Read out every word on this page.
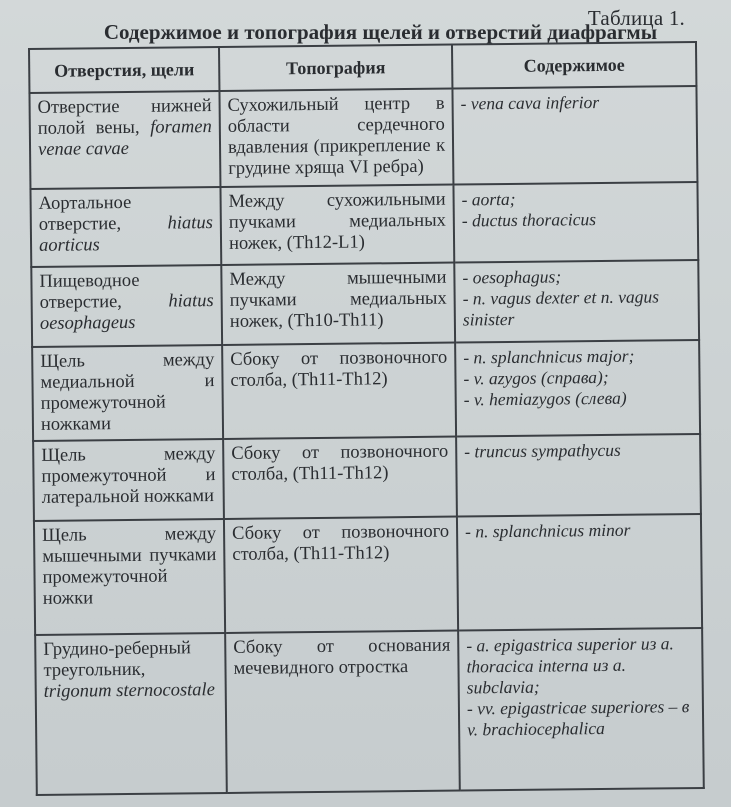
Таблица 1.
Содержимое и топография щелей и отверстий диафрагмы
Отверстия, щели	Топография	Содержимое
Отверстие нижней полой вены, foramen venae cavae	Сухожильный центр в области сердечного вдавления (прикрепление к грудине хряща VI ребра)	- vena cava inferior

Аортальное отверстие, hiatus aorticus	Между сухожильными пучками медиальных ножек, (Th12-L1)	- aorta;
- ductus thoracicus

Пищеводное отверстие, hiatus oesophageus	Между мышечными пучками медиальных ножек, (Th10-Th11)	- oesophagus;
- n. vagus dexter et n. vagus sinister

Щель между медиальной и промежуточной ножками	Сбоку от позвоночного столба, (Th11-Th12)	- n. splanchnicus major;
- v. azygos (справа);
- v. hemiazygos (слева)

Щель между промежуточной и латеральной ножками	Сбоку от позвоночного столба, (Th11-Th12)	- truncus sympathycus

Щель между мышечными пучками промежуточной ножки	Сбоку от позвоночного столба, (Th11-Th12)	- n. splanchnicus minor

Грудино-реберный треугольник, trigonum sternocostale	Сбоку от основания мечевидного отростка	- a. epigastrica superior из a. thoracica interna из a. subclavia;
- vv. epigastricae superiores – в v. brachiocephalica
